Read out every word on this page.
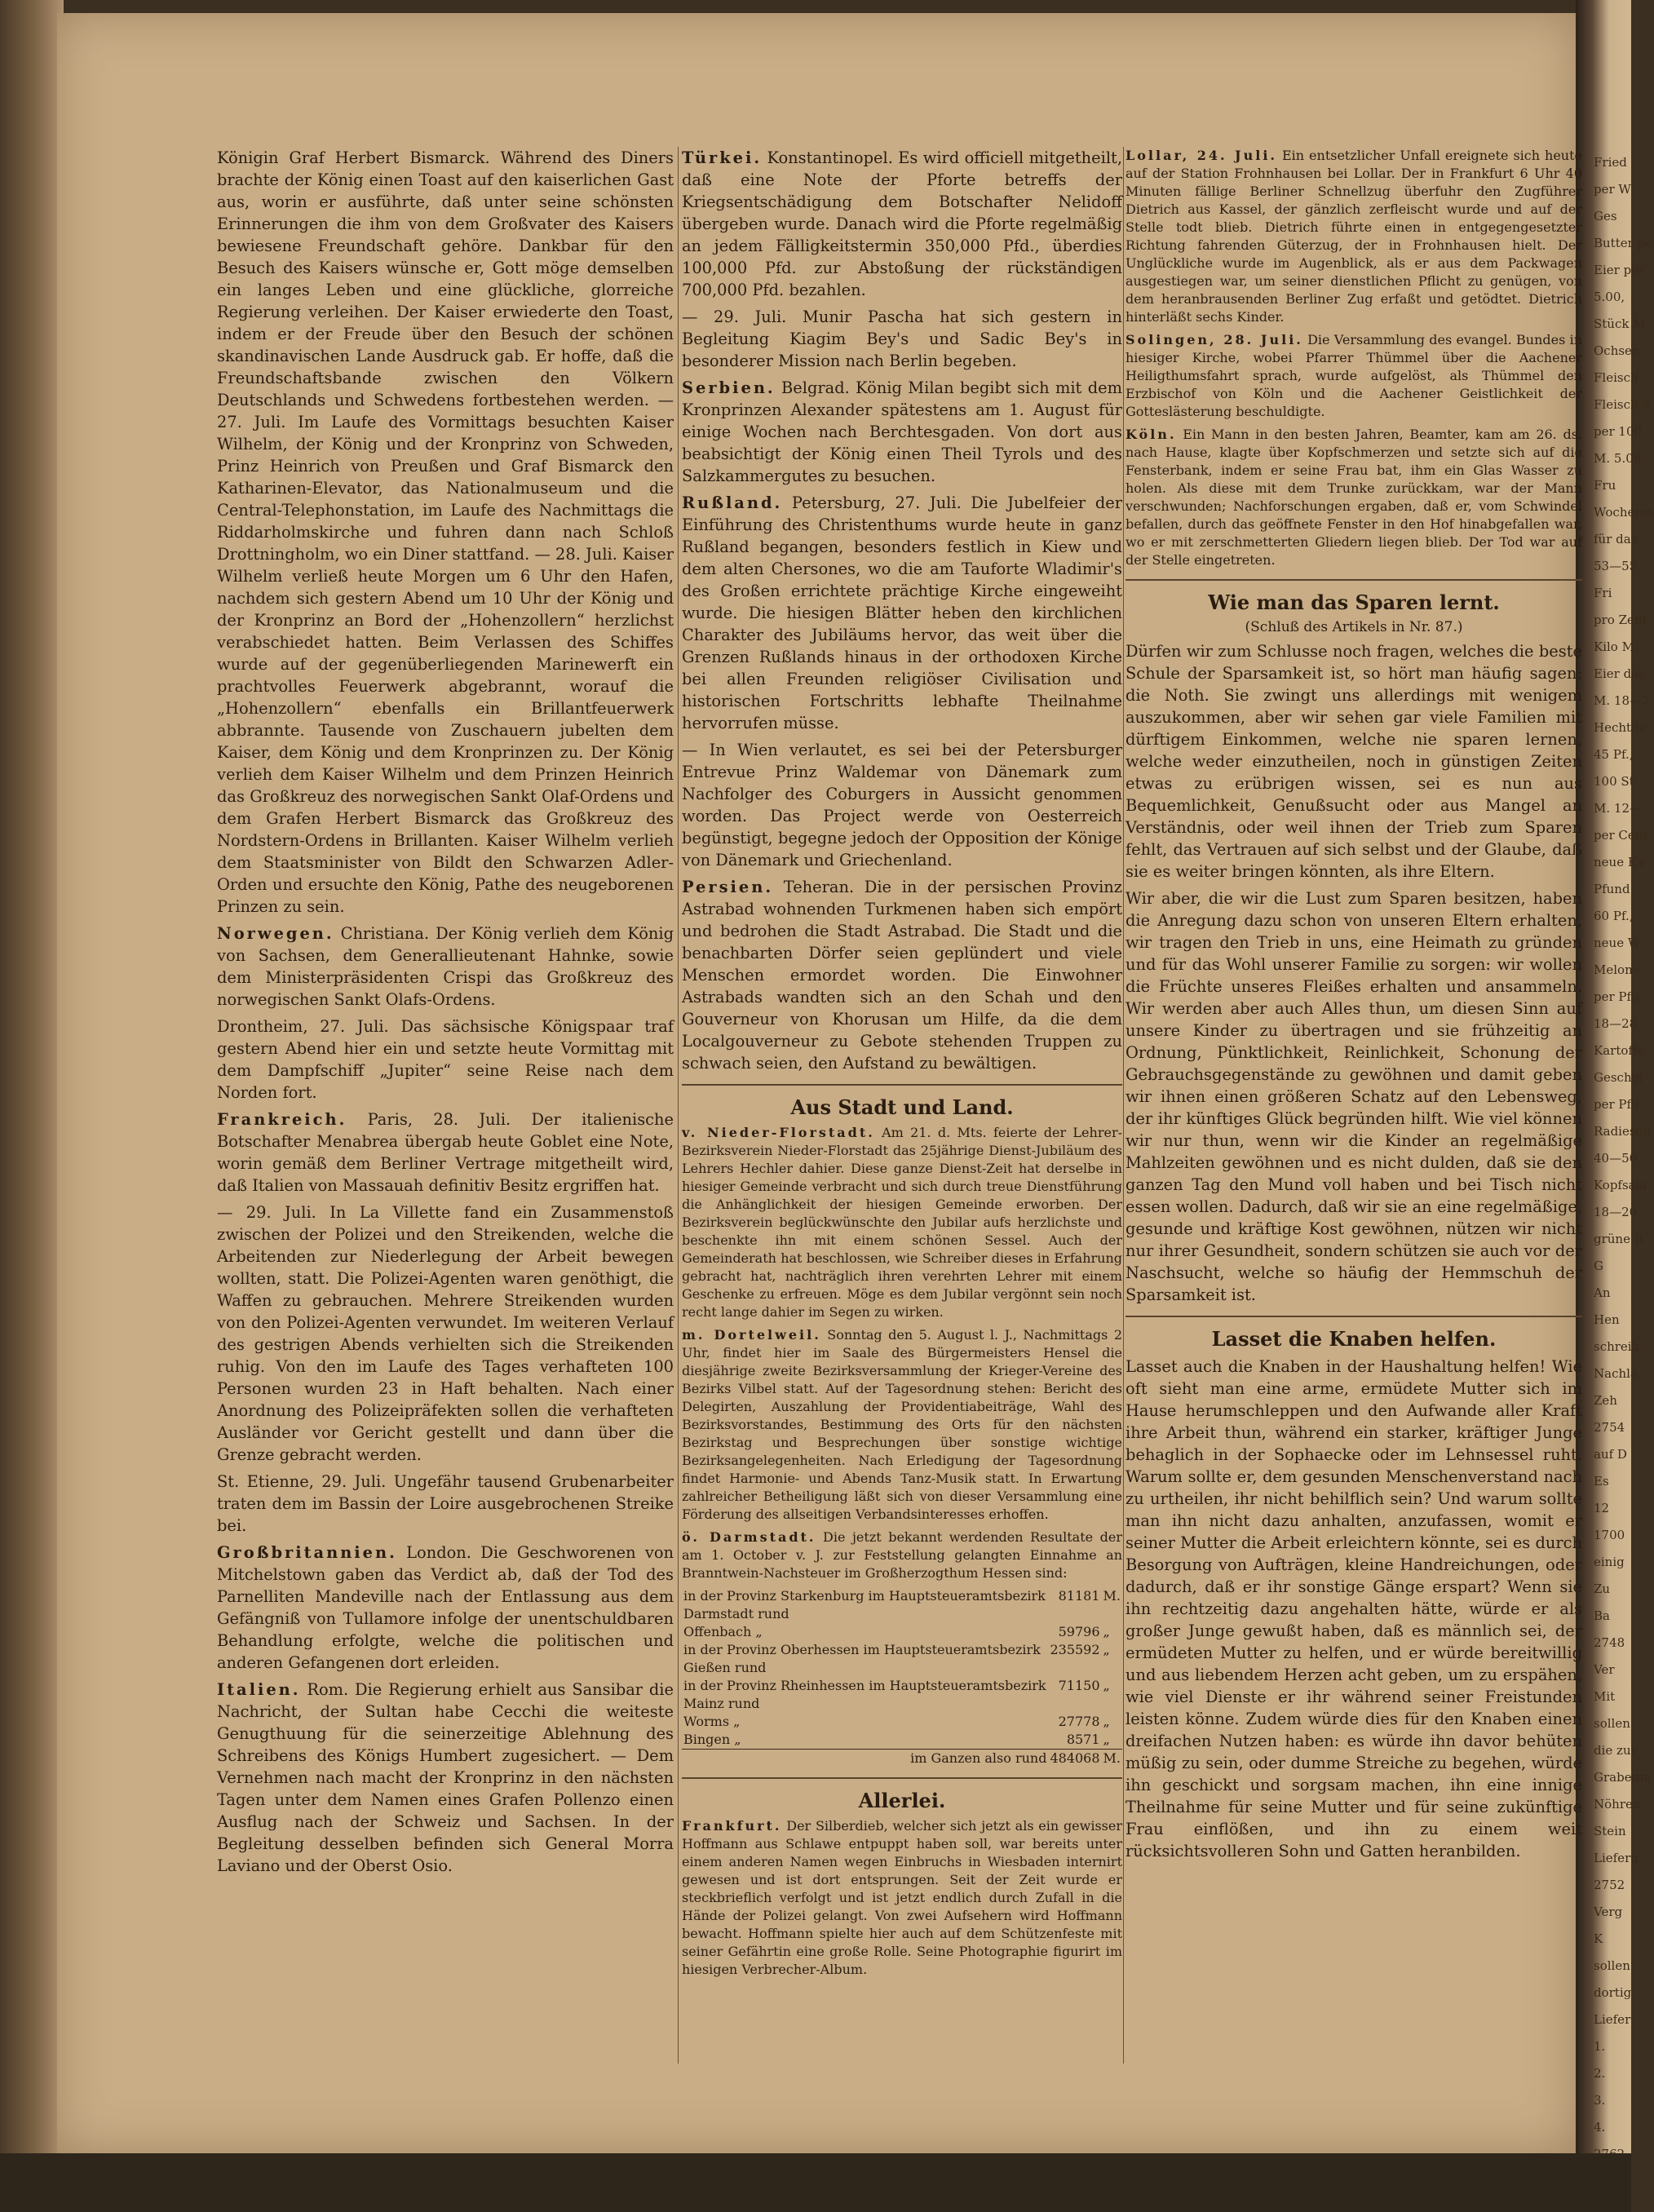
Fried
per W
Ges
Butter pe
Eier per
5.00,
Stück M
Ochsen
Fleisch
Fleisch 5
per 100
M. 5.00
Fru
Wochenm
für das
53—55
Fri
pro Zent
Kilo M.
Eier das
M. 18—2
Hechtfle
45 Pf.,
100 St
M. 12—
per Cent
neue Ka
Pfund
60 Pf.,
neue W
Melone
per Pfu
18—28
Kartoffe
Geschei
per Pfu
Radiesch
40—50
Kopfsala
18—20
grüne B
G
An
Hen
schreib
Nachla
Zeh
2754
auf D
Es
12
1700
einig
Zu
Ba
2748
Ver
Mit
sollen
die zur
Grabenm
Nöhren
Stein
Lieferu
2752
Verg
K
sollen
dortig
Liefer
1.
2.
3.
4.

Königin Graf Herbert Bismarck. Während des Diners brachte der König einen Toast auf den kaiserlichen Gast aus, worin er ausführte, daß unter seine schönsten Erinnerungen die ihm von dem Großvater des Kaisers bewiesene Freundschaft gehöre. Dankbar für den Besuch des Kaisers wünsche er, Gott möge demselben ein langes Leben und eine glückliche, glorreiche Regierung verleihen. Der Kaiser erwiederte den Toast, indem er der Freude über den Besuch der schönen skandinavischen Lande Ausdruck gab. Er hoffe, daß die Freundschaftsbande zwischen den Völkern Deutschlands und Schwedens fortbestehen werden. — 27. Juli. Im Laufe des Vormittags besuchten Kaiser Wilhelm, der König und der Kronprinz von Schweden, Prinz Heinrich von Preußen und Graf Bismarck den Katharinen-Elevator, das Nationalmuseum und die Central-Telephonstation, im Laufe des Nachmittags die Riddarholmskirche und fuhren dann nach Schloß Drottningholm, wo ein Diner stattfand. — 28. Juli. Kaiser Wilhelm verließ heute Morgen um 6 Uhr den Hafen, nachdem sich gestern Abend um 10 Uhr der König und der Kronprinz an Bord der „Hohenzollern“ herzlichst verabschiedet hatten. Beim Verlassen des Schiffes wurde auf der gegenüberliegenden Marinewerft ein prachtvolles Feuerwerk abgebrannt, worauf die „Hohenzollern“ ebenfalls ein Brillantfeuerwerk abbrannte. Tausende von Zuschauern jubelten dem Kaiser, dem König und dem Kronprinzen zu. Der König verlieh dem Kaiser Wilhelm und dem Prinzen Heinrich das Großkreuz des norwegischen Sankt Olaf-Ordens und dem Grafen Herbert Bismarck das Großkreuz des Nordstern-Ordens in Brillanten. Kaiser Wilhelm verlieh dem Staatsminister von Bildt den Schwarzen Adler-Orden und ersuchte den König, Pathe des neugeborenen Prinzen zu sein.

Norwegen. Christiana. Der König verlieh dem König von Sachsen, dem Generallieutenant Hahnke, sowie dem Ministerpräsidenten Crispi das Großkreuz des norwegischen Sankt Olafs-Ordens.

Drontheim, 27. Juli. Das sächsische Königspaar traf gestern Abend hier ein und setzte heute Vormittag mit dem Dampfschiff „Jupiter“ seine Reise nach dem Norden fort.

Frankreich. Paris, 28. Juli. Der italienische Botschafter Menabrea übergab heute Goblet eine Note, worin gemäß dem Berliner Vertrage mitgetheilt wird, daß Italien von Massauah definitiv Besitz ergriffen hat.

— 29. Juli. In La Villette fand ein Zusammenstoß zwischen der Polizei und den Streikenden, welche die Arbeitenden zur Niederlegung der Arbeit bewegen wollten, statt. Die Polizei-Agenten waren genöthigt, die Waffen zu gebrauchen. Mehrere Streikenden wurden von den Polizei-Agenten verwundet. Im weiteren Verlauf des gestrigen Abends verhielten sich die Streikenden ruhig. Von den im Laufe des Tages verhafteten 100 Personen wurden 23 in Haft behalten. Nach einer Anordnung des Polizeipräfekten sollen die verhafteten Ausländer vor Gericht gestellt und dann über die Grenze gebracht werden.

St. Etienne, 29. Juli. Ungefähr tausend Grubenarbeiter traten dem im Bassin der Loire ausgebrochenen Streike bei.

Großbritannien. London. Die Geschworenen von Mitchelstown gaben das Verdict ab, daß der Tod des Parnelliten Mandeville nach der Entlassung aus dem Gefängniß von Tullamore infolge der unentschuldbaren Behandlung erfolgte, welche die politischen und anderen Gefangenen dort erleiden.

Italien. Rom. Die Regierung erhielt aus Sansibar die Nachricht, der Sultan habe Cecchi die weiteste Genugthuung für die seinerzeitige Ablehnung des Schreibens des Königs Humbert zugesichert. — Dem Vernehmen nach macht der Kronprinz in den nächsten Tagen unter dem Namen eines Grafen Pollenzo einen Ausflug nach der Schweiz und Sachsen. In der Begleitung desselben befinden sich General Morra Laviano und der Oberst Osio.

Türkei. Konstantinopel. Es wird officiell mitgetheilt, daß eine Note der Pforte betreffs der Kriegsentschädigung dem Botschafter Nelidoff übergeben wurde. Danach wird die Pforte regelmäßig an jedem Fälligkeitstermin 350,000 Pfd., überdies 100,000 Pfd. zur Abstoßung der rückständigen 700,000 Pfd. bezahlen.

— 29. Juli. Munir Pascha hat sich gestern in Begleitung Kiagim Bey's und Sadic Bey's in besonderer Mission nach Berlin begeben.

Serbien. Belgrad. König Milan begibt sich mit dem Kronprinzen Alexander spätestens am 1. August für einige Wochen nach Berchtesgaden. Von dort aus beabsichtigt der König einen Theil Tyrols und des Salzkammergutes zu besuchen.

Rußland. Petersburg, 27. Juli. Die Jubelfeier der Einführung des Christenthums wurde heute in ganz Rußland begangen, besonders festlich in Kiew und dem alten Chersones, wo die am Tauforte Wladimir's des Großen errichtete prächtige Kirche eingeweiht wurde. Die hiesigen Blätter heben den kirchlichen Charakter des Jubiläums hervor, das weit über die Grenzen Rußlands hinaus in der orthodoxen Kirche bei allen Freunden religiöser Civilisation und historischen Fortschritts lebhafte Theilnahme hervorrufen müsse.

— In Wien verlautet, es sei bei der Petersburger Entrevue Prinz Waldemar von Dänemark zum Nachfolger des Coburgers in Aussicht genommen worden. Das Project werde von Oesterreich begünstigt, begegne jedoch der Opposition der Könige von Dänemark und Griechenland.

Persien. Teheran. Die in der persischen Provinz Astrabad wohnenden Turkmenen haben sich empört und bedrohen die Stadt Astrabad. Die Stadt und die benachbarten Dörfer seien geplündert und viele Menschen ermordet worden. Die Einwohner Astrabads wandten sich an den Schah und den Gouverneur von Khorusan um Hilfe, da die dem Localgouverneur zu Gebote stehenden Truppen zu schwach seien, den Aufstand zu bewältigen.

Aus Stadt und Land.

v. Nieder-Florstadt. Am 21. d. Mts. feierte der Lehrer-Bezirksverein Nieder-Florstadt das 25jährige Dienst-Jubiläum des Lehrers Hechler dahier. Diese ganze Dienst-Zeit hat derselbe in hiesiger Gemeinde verbracht und sich durch treue Dienstführung die Anhänglichkeit der hiesigen Gemeinde erworben. Der Bezirksverein beglückwünschte den Jubilar aufs herzlichste und beschenkte ihn mit einem schönen Sessel. Auch der Gemeinderath hat beschlossen, wie Schreiber dieses in Erfahrung gebracht hat, nachträglich ihren verehrten Lehrer mit einem Geschenke zu erfreuen. Möge es dem Jubilar vergönnt sein noch recht lange dahier im Segen zu wirken.

m. Dortelweil. Sonntag den 5. August l. J., Nachmittags 2 Uhr, findet hier im Saale des Bürgermeisters Hensel die diesjährige zweite Bezirksversammlung der Krieger-Vereine des Bezirks Vilbel statt. Auf der Tagesordnung stehen: Bericht des Delegirten, Auszahlung der Providentiabeiträge, Wahl des Bezirksvorstandes, Bestimmung des Orts für den nächsten Bezirkstag und Besprechungen über sonstige wichtige Bezirksangelegenheiten. Nach Erledigung der Tagesordnung findet Harmonie- und Abends Tanz-Musik statt. In Erwartung zahlreicher Betheiligung läßt sich von dieser Versammlung eine Förderung des allseitigen Verbandsinteresses erhoffen.

ö. Darmstadt. Die jetzt bekannt werdenden Resultate der am 1. October v. J. zur Feststellung gelangten Einnahme an Branntwein-Nachsteuer im Großherzogthum Hessen sind:

in der Provinz Starkenburg im Hauptsteueramtsbezirk Darmstadt rund	81181	M.
Offenbach „	59796	„
in der Provinz Oberhessen im Hauptsteueramtsbezirk Gießen rund	235592	„
in der Provinz Rheinhessen im Hauptsteueramtsbezirk Mainz rund	71150	„
Worms „	27778	„
Bingen „	8571	„
im Ganzen also rund	484068	M.
Allerlei.

Frankfurt. Der Silberdieb, welcher sich jetzt als ein gewisser Hoffmann aus Schlawe entpuppt haben soll, war bereits unter einem anderen Namen wegen Einbruchs in Wiesbaden internirt gewesen und ist dort entsprungen. Seit der Zeit wurde er steckbrieflich verfolgt und ist jetzt endlich durch Zufall in die Hände der Polizei gelangt. Von zwei Aufsehern wird Hoffmann bewacht. Hoffmann spielte hier auch auf dem Schützenfeste mit seiner Gefährtin eine große Rolle. Seine Photographie figurirt im hiesigen Verbrecher-Album.

Lollar, 24. Juli. Ein entsetzlicher Unfall ereignete sich heute auf der Station Frohnhausen bei Lollar. Der in Frankfurt 6 Uhr 40 Minuten fällige Berliner Schnellzug überfuhr den Zugführer Dietrich aus Kassel, der gänzlich zerfleischt wurde und auf der Stelle todt blieb. Dietrich führte einen in entgegengesetzter Richtung fahrenden Güterzug, der in Frohnhausen hielt. Der Unglückliche wurde im Augenblick, als er aus dem Packwagen ausgestiegen war, um seiner dienstlichen Pflicht zu genügen, von dem heranbrausenden Berliner Zug erfaßt und getödtet. Dietrich hinterläßt sechs Kinder.

Solingen, 28. Juli. Die Versammlung des evangel. Bundes in hiesiger Kirche, wobei Pfarrer Thümmel über die Aachener Heiligthumsfahrt sprach, wurde aufgelöst, als Thümmel den Erzbischof von Köln und die Aachener Geistlichkeit der Gotteslästerung beschuldigte.

Köln. Ein Mann in den besten Jahren, Beamter, kam am 26. ds. nach Hause, klagte über Kopfschmerzen und setzte sich auf die Fensterbank, indem er seine Frau bat, ihm ein Glas Wasser zu holen. Als diese mit dem Trunke zurückkam, war der Mann verschwunden; Nachforschungen ergaben, daß er, vom Schwindel befallen, durch das geöffnete Fenster in den Hof hinabgefallen war, wo er mit zerschmetterten Gliedern liegen blieb. Der Tod war auf der Stelle eingetreten.

Wie man das Sparen lernt.
(Schluß des Artikels in Nr. 87.)

Dürfen wir zum Schlusse noch fragen, welches die beste Schule der Sparsamkeit ist, so hört man häufig sagen: die Noth. Sie zwingt uns allerdings mit wenigem auszukommen, aber wir sehen gar viele Familien mit dürftigem Einkommen, welche nie sparen lernen, welche weder einzutheilen, noch in günstigen Zeiten etwas zu erübrigen wissen, sei es nun aus Bequemlichkeit, Genußsucht oder aus Mangel an Verständnis, oder weil ihnen der Trieb zum Sparen fehlt, das Vertrauen auf sich selbst und der Glaube, daß sie es weiter bringen könnten, als ihre Eltern.

Wir aber, die wir die Lust zum Sparen besitzen, haben die Anregung dazu schon von unseren Eltern erhalten, wir tragen den Trieb in uns, eine Heimath zu gründen und für das Wohl unserer Familie zu sorgen: wir wollen die Früchte unseres Fleißes erhalten und ansammeln. Wir werden aber auch Alles thun, um diesen Sinn auf unsere Kinder zu übertragen und sie frühzeitig an Ordnung, Pünktlichkeit, Reinlichkeit, Schonung der Gebrauchsgegenstände zu gewöhnen und damit geben wir ihnen einen größeren Schatz auf den Lebensweg, der ihr künftiges Glück begründen hilft. Wie viel können wir nur thun, wenn wir die Kinder an regelmäßige Mahlzeiten gewöhnen und es nicht dulden, daß sie den ganzen Tag den Mund voll haben und bei Tisch nicht essen wollen. Dadurch, daß wir sie an eine regelmäßige, gesunde und kräftige Kost gewöhnen, nützen wir nicht nur ihrer Gesundheit, sondern schützen sie auch vor der Naschsucht, welche so häufig der Hemmschuh der Sparsamkeit ist.

Lasset die Knaben helfen.

Lasset auch die Knaben in der Haushaltung helfen! Wie oft sieht man eine arme, ermüdete Mutter sich im Hause herumschleppen und den Aufwande aller Kraft ihre Arbeit thun, während ein starker, kräftiger Junge behaglich in der Sophaecke oder im Lehnsessel ruht. Warum sollte er, dem gesunden Menschenverstand nach zu urtheilen, ihr nicht behilflich sein? Und warum sollte man ihn nicht dazu anhalten, anzufassen, womit er seiner Mutter die Arbeit erleichtern könnte, sei es durch Besorgung von Aufträgen, kleine Handreichungen, oder dadurch, daß er ihr sonstige Gänge erspart? Wenn sie ihn rechtzeitig dazu angehalten hätte, würde er als großer Junge gewußt haben, daß es männlich sei, der ermüdeten Mutter zu helfen, und er würde bereitwillig und aus liebendem Herzen acht geben, um zu erspähen, wie viel Dienste er ihr während seiner Freistunden leisten könne. Zudem würde dies für den Knaben einen dreifachen Nutzen haben: es würde ihn davor behüten müßig zu sein, oder dumme Streiche zu begehen, würde ihn geschickt und sorgsam machen, ihn eine innige Theilnahme für seine Mutter und für seine zukünftige Frau einflößen, und ihn zu einem weit rücksichtsvolleren Sohn und Gatten heranbilden.
